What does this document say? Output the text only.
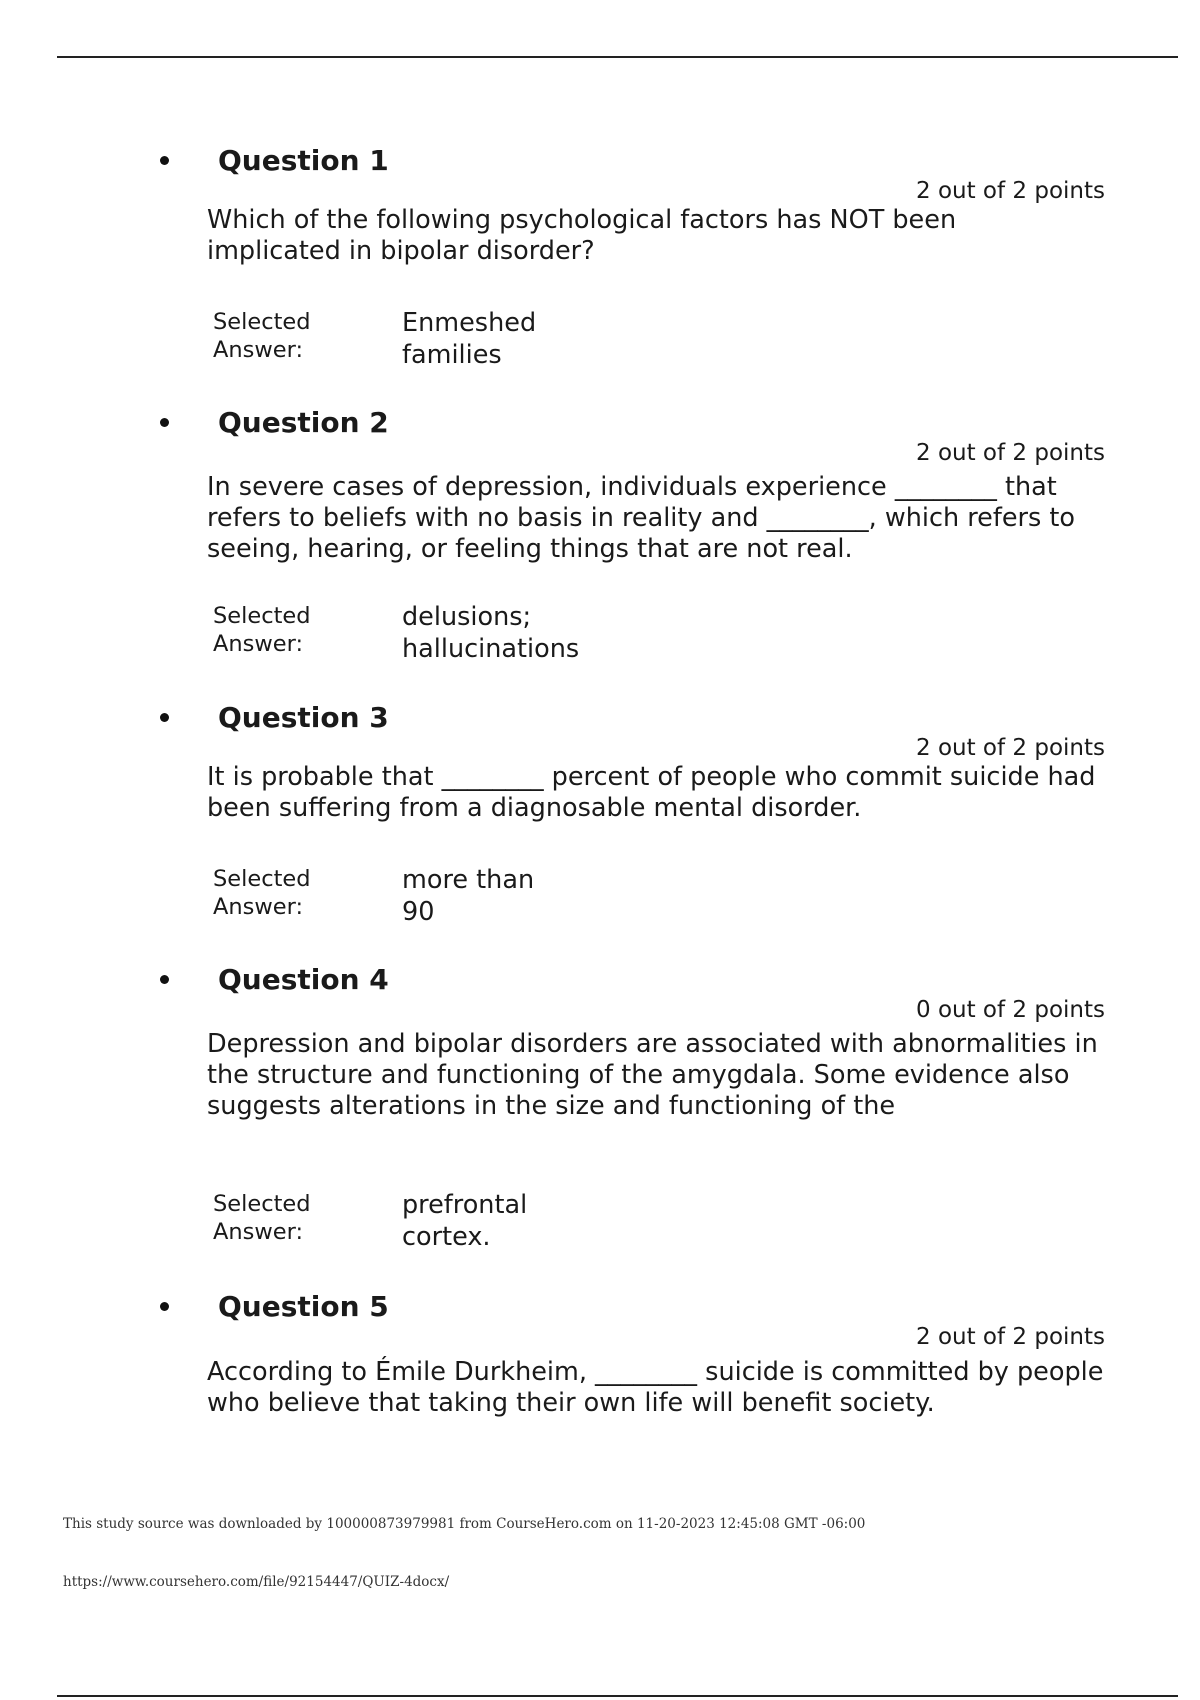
Question 1
2 out of 2 points
Which of the following psychological factors has NOT been implicated in bipolar disorder?
Selected Answer:
Enmeshed families
Question 2
2 out of 2 points
In severe cases of depression, individuals experience ________ that refers to beliefs with no basis in reality and ________, which refers to seeing, hearing, or feeling things that are not real.
Selected Answer:
delusions; hallucinations
Question 3
2 out of 2 points
It is probable that ________ percent of people who commit suicide had been suffering from a diagnosable mental disorder.
Selected Answer:
more than 90
Question 4
0 out of 2 points
Depression and bipolar disorders are associated with abnormalities in the structure and functioning of the amygdala. Some evidence also suggests alterations in the size and functioning of the
Selected Answer:
prefrontal cortex.
Question 5
2 out of 2 points
According to Émile Durkheim, ________ suicide is committed by people who believe that taking their own life will benefit society.
This study source was downloaded by 100000873979981 from CourseHero.com on 11-20-2023 12:45:08 GMT -06:00
https://www.coursehero.com/file/92154447/QUIZ-4docx/
